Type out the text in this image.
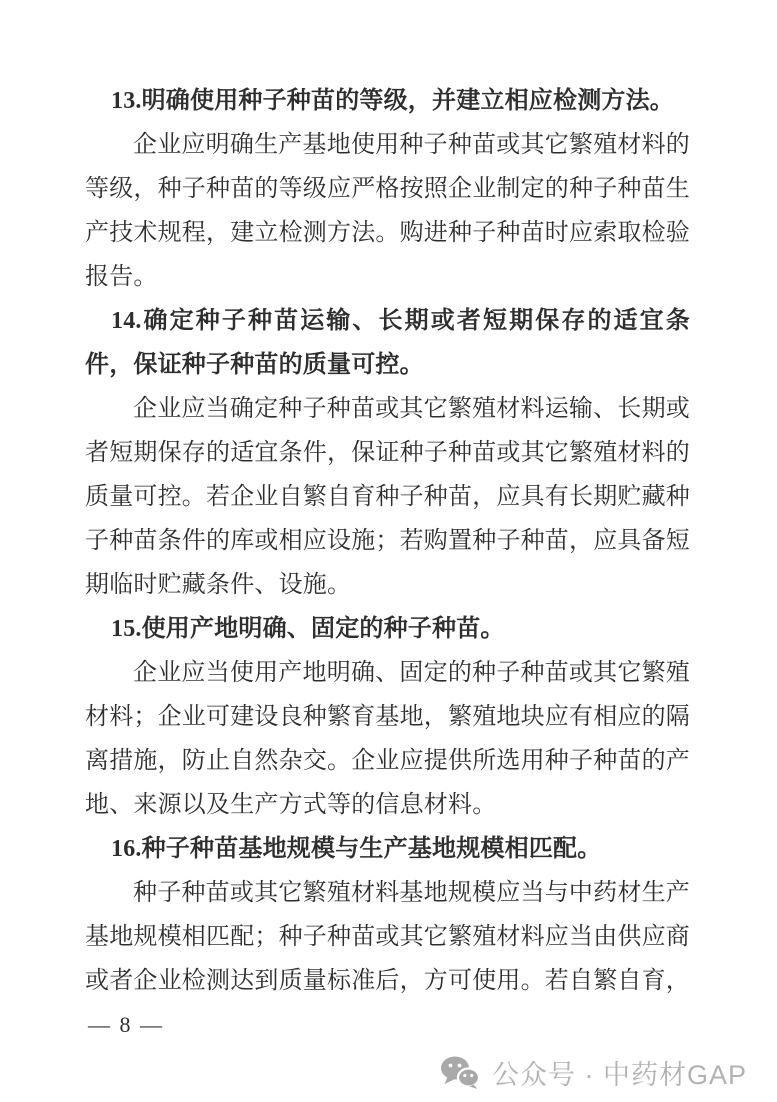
13.明确使用种子种苗的等级，并建立相应检测方法。

企业应明确生产基地使用种子种苗或其它繁殖材料的等级，种子种苗的等级应严格按照企业制定的种子种苗生产技术规程，建立检测方法。购进种子种苗时应索取检验报告。

14.确定种子种苗运输、长期或者短期保存的适宜条件，保证种子种苗的质量可控。

企业应当确定种子种苗或其它繁殖材料运输、长期或者短期保存的适宜条件，保证种子种苗或其它繁殖材料的质量可控。若企业自繁自育种子种苗，应具有长期贮藏种子种苗条件的库或相应设施；若购置种子种苗，应具备短期临时贮藏条件、设施。

15.使用产地明确、固定的种子种苗。

企业应当使用产地明确、固定的种子种苗或其它繁殖材料；企业可建设良种繁育基地，繁殖地块应有相应的隔离措施，防止自然杂交。企业应提供所选用种子种苗的产地、来源以及生产方式等的信息材料。

16.种子种苗基地规模与生产基地规模相匹配。

种子种苗或其它繁殖材料基地规模应当与中药材生产基地规模相匹配；种子种苗或其它繁殖材料应当由供应商或者企业检测达到质量标准后，方可使用。若自繁自育，

— 8 —
公众号 · 中药材GAP
